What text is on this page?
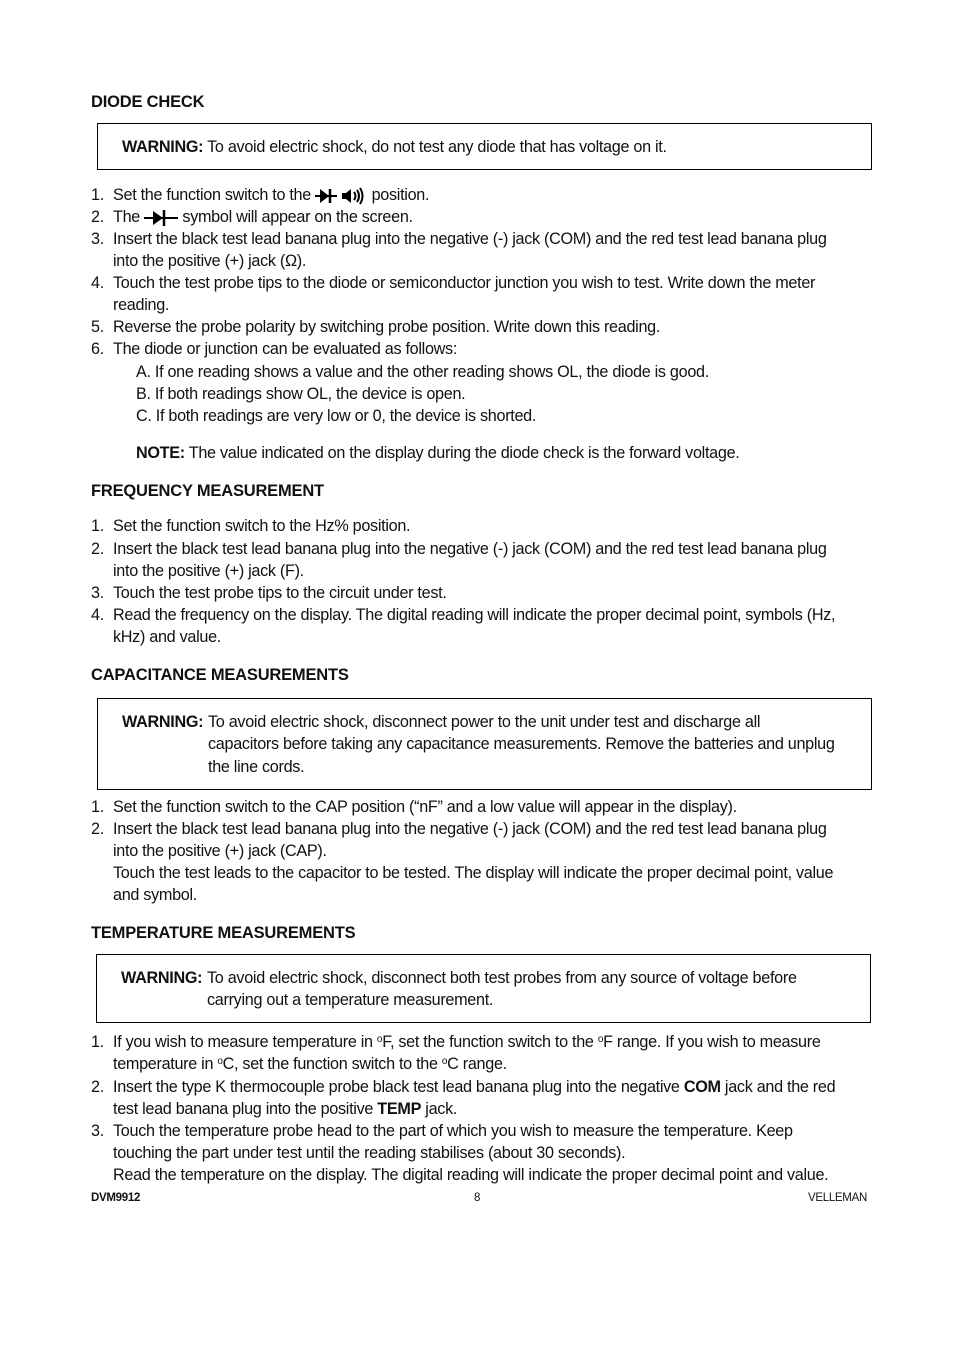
DIODE CHECK
WARNING: To avoid electric shock, do not test any diode that has voltage on it.
1. Set the function switch to the	position.
2. The	symbol will appear on the screen.
3. Insert the black test lead banana plug into the negative (-) jack (COM) and the red test lead banana plug
into the positive (+) jack (Ω).
4. Touch the test probe tips to the diode or semiconductor junction you wish to test. Write down the meter
reading.
5. Reverse the probe polarity by switching probe position. Write down this reading.
6. The diode or junction can be evaluated as follows:
A. If one reading shows a value and the other reading shows OL, the diode is good.
B. If both readings show OL, the device is open.
C. If both readings are very low or 0, the device is shorted.
NOTE: The value indicated on the display during the diode check is the forward voltage.
FREQUENCY MEASUREMENT
1. Set the function switch to the Hz% position.
2. Insert the black test lead banana plug into the negative (-) jack (COM) and the red test lead banana plug
into the positive (+) jack (F).
3. Touch the test probe tips to the circuit under test.
4. Read the frequency on the display. The digital reading will indicate the proper decimal point, symbols (Hz,
kHz) and value.
CAPACITANCE MEASUREMENTS
WARNING: To avoid electric shock, disconnect power to the unit under test and discharge all
capacitors before taking any capacitance measurements. Remove the batteries and unplug
the line cords.
1. Set the function switch to the CAP position (“nF” and a low value will appear in the display).
2. Insert the black test lead banana plug into the negative (-) jack (COM) and the red test lead banana plug
into the positive (+) jack (CAP).
Touch the test leads to the capacitor to be tested. The display will indicate the proper decimal point, value
and symbol.
TEMPERATURE MEASUREMENTS
WARNING: To avoid electric shock, disconnect both test probes from any source of voltage before
carrying out a temperature measurement.
1. If you wish to measure temperature in $^o$F, set the function switch to the $^o$F range. If you wish to measure
temperature in $^o$C, set the function switch to the $^o$C range.
2. Insert the type K thermocouple probe black test lead banana plug into the negative COM jack and the red
test lead banana plug into the positive TEMP jack.
3. Touch the temperature probe head to the part of which you wish to measure the temperature. Keep
touching the part under test until the reading stabilises (about 30 seconds).
Read the temperature on the display. The digital reading will indicate the proper decimal point and value.
DVM9912	8	VELLEMAN
